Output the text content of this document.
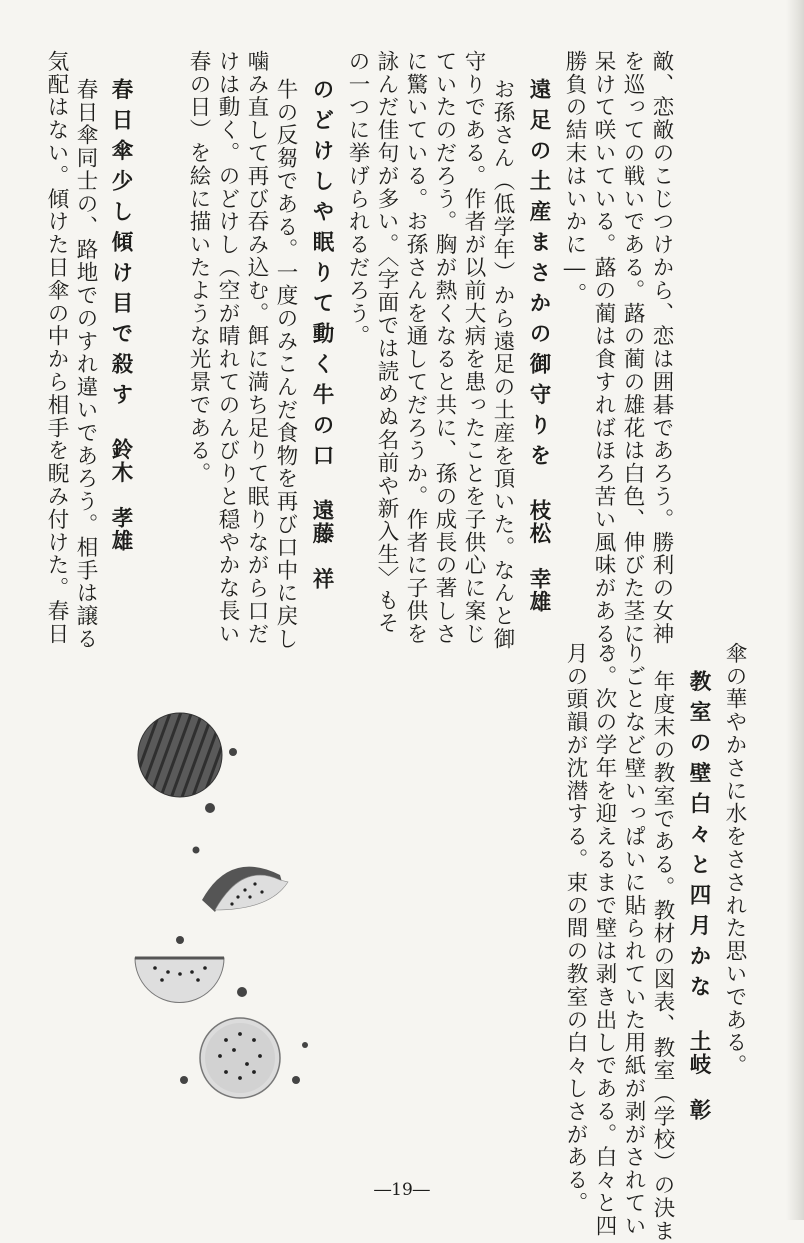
敵、恋敵のこじつけから、恋は囲碁であろう。勝利の女神
を巡っての戦いである。蕗の蔺の雄花は白色、伸びた茎に
呆けて咲いている。蕗の蔺は食すればほろ苦い風味がある。
勝負の結末はいかに―。
遠足の土産まさかの御守りを枝松　幸雄
お孫さん（低学年）から遠足の土産を頂いた。なんと御
守りである。作者が以前大病を患ったことを子供心に案じ
ていたのだろう。胸が熱くなると共に、孫の成長の著しさ
に驚いている。お孫さんを通してだろうか。作者に子供を
詠んだ佳句が多い。〈字面では読めぬ名前や新入生〉もそ
の一つに挙げられるだろう。
のどけしや眠りて動く牛の口遠藤　祥
牛の反芻である。一度のみこんだ食物を再び口中に戻し
噛み直して再び吞み込む。餌に満ち足りて眠りながら口だ
けは動く。のどけし（空が晴れてのんびりと穏やかな長い
春の日）を絵に描いたような光景である。
春日傘少し傾け目で殺す鈴木　孝雄
春日傘同士の、路地でのすれ違いであろう。相手は譲る
気配はない。傾けた日傘の中から相手を睨み付けた。春日
傘の華やかさに水をさされた思いである。
教室の壁白々と四月かな土岐　彰
年度末の教室である。教材の図表、教室（学校）の決ま
りごとなど壁いっぱいに貼られていた用紙が剥がされてい
る。次の学年を迎えるまで壁は剥き出しである。白々と四
月の頭韻が沈潜する。束の間の教室の白々しさがある。
―19―
